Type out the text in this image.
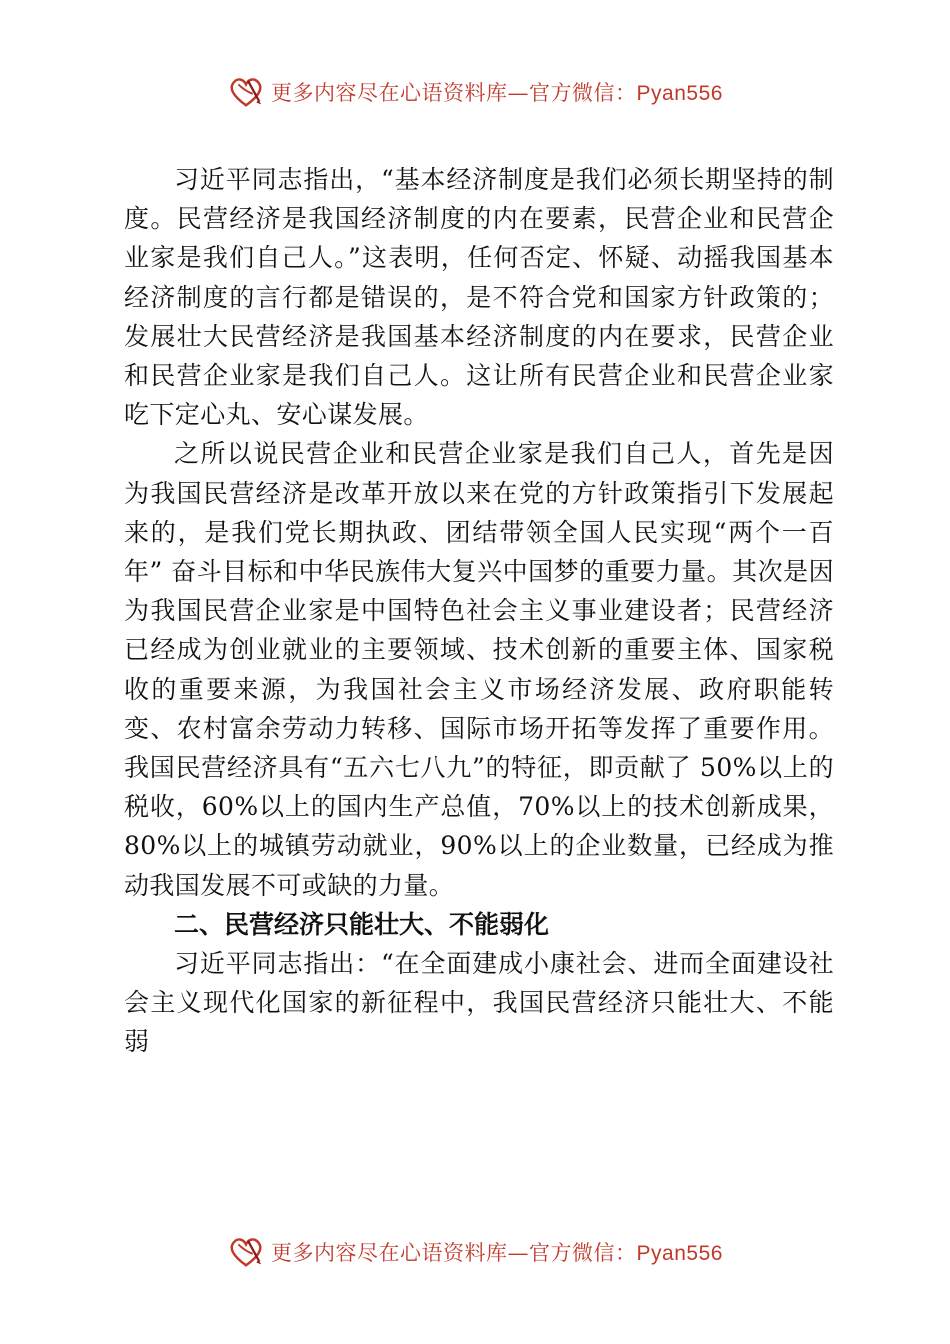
更多内容尽在心语资料库—官方微信：Pyan556

习近平同志指出，“基本经济制度是我们必须长期坚持的制度。民营经济是我国经济制度的内在要素，民营企业和民营企业家是我们自己人。”这表明，任何否定、怀疑、动摇我国基本经济制度的言行都是错误的，是不符合党和国家方针政策的；发展壮大民营经济是我国基本经济制度的内在要求，民营企业和民营企业家是我们自己人。这让所有民营企业和民营企业家吃下定心丸、安心谋发展。

之所以说民营企业和民营企业家是我们自己人，首先是因为我国民营经济是改革开放以来在党的方针政策指引下发展起来的，是我们党长期执政、团结带领全国人民实现“两个一百年” 奋斗目标和中华民族伟大复兴中国梦的重要力量。其次是因为我国民营企业家是中国特色社会主义事业建设者；民营经济已经成为创业就业的主要领域、技术创新的重要主体、国家税收的重要来源，为我国社会主义市场经济发展、政府职能转变、农村富余劳动力转移、国际市场开拓等发挥了重要作用。我国民营经济具有“五六七八九”的特征，即贡献了 50%以上的税收，60%以上的国内生产总值，70%以上的技术创新成果，80%以上的城镇劳动就业，90%以上的企业数量，已经成为推动我国发展不可或缺的力量。

二、民营经济只能壮大、不能弱化

习近平同志指出：“在全面建成小康社会、进而全面建设社会主义现代化国家的新征程中，我国民营经济只能壮大、不能弱

更多内容尽在心语资料库—官方微信：Pyan556
